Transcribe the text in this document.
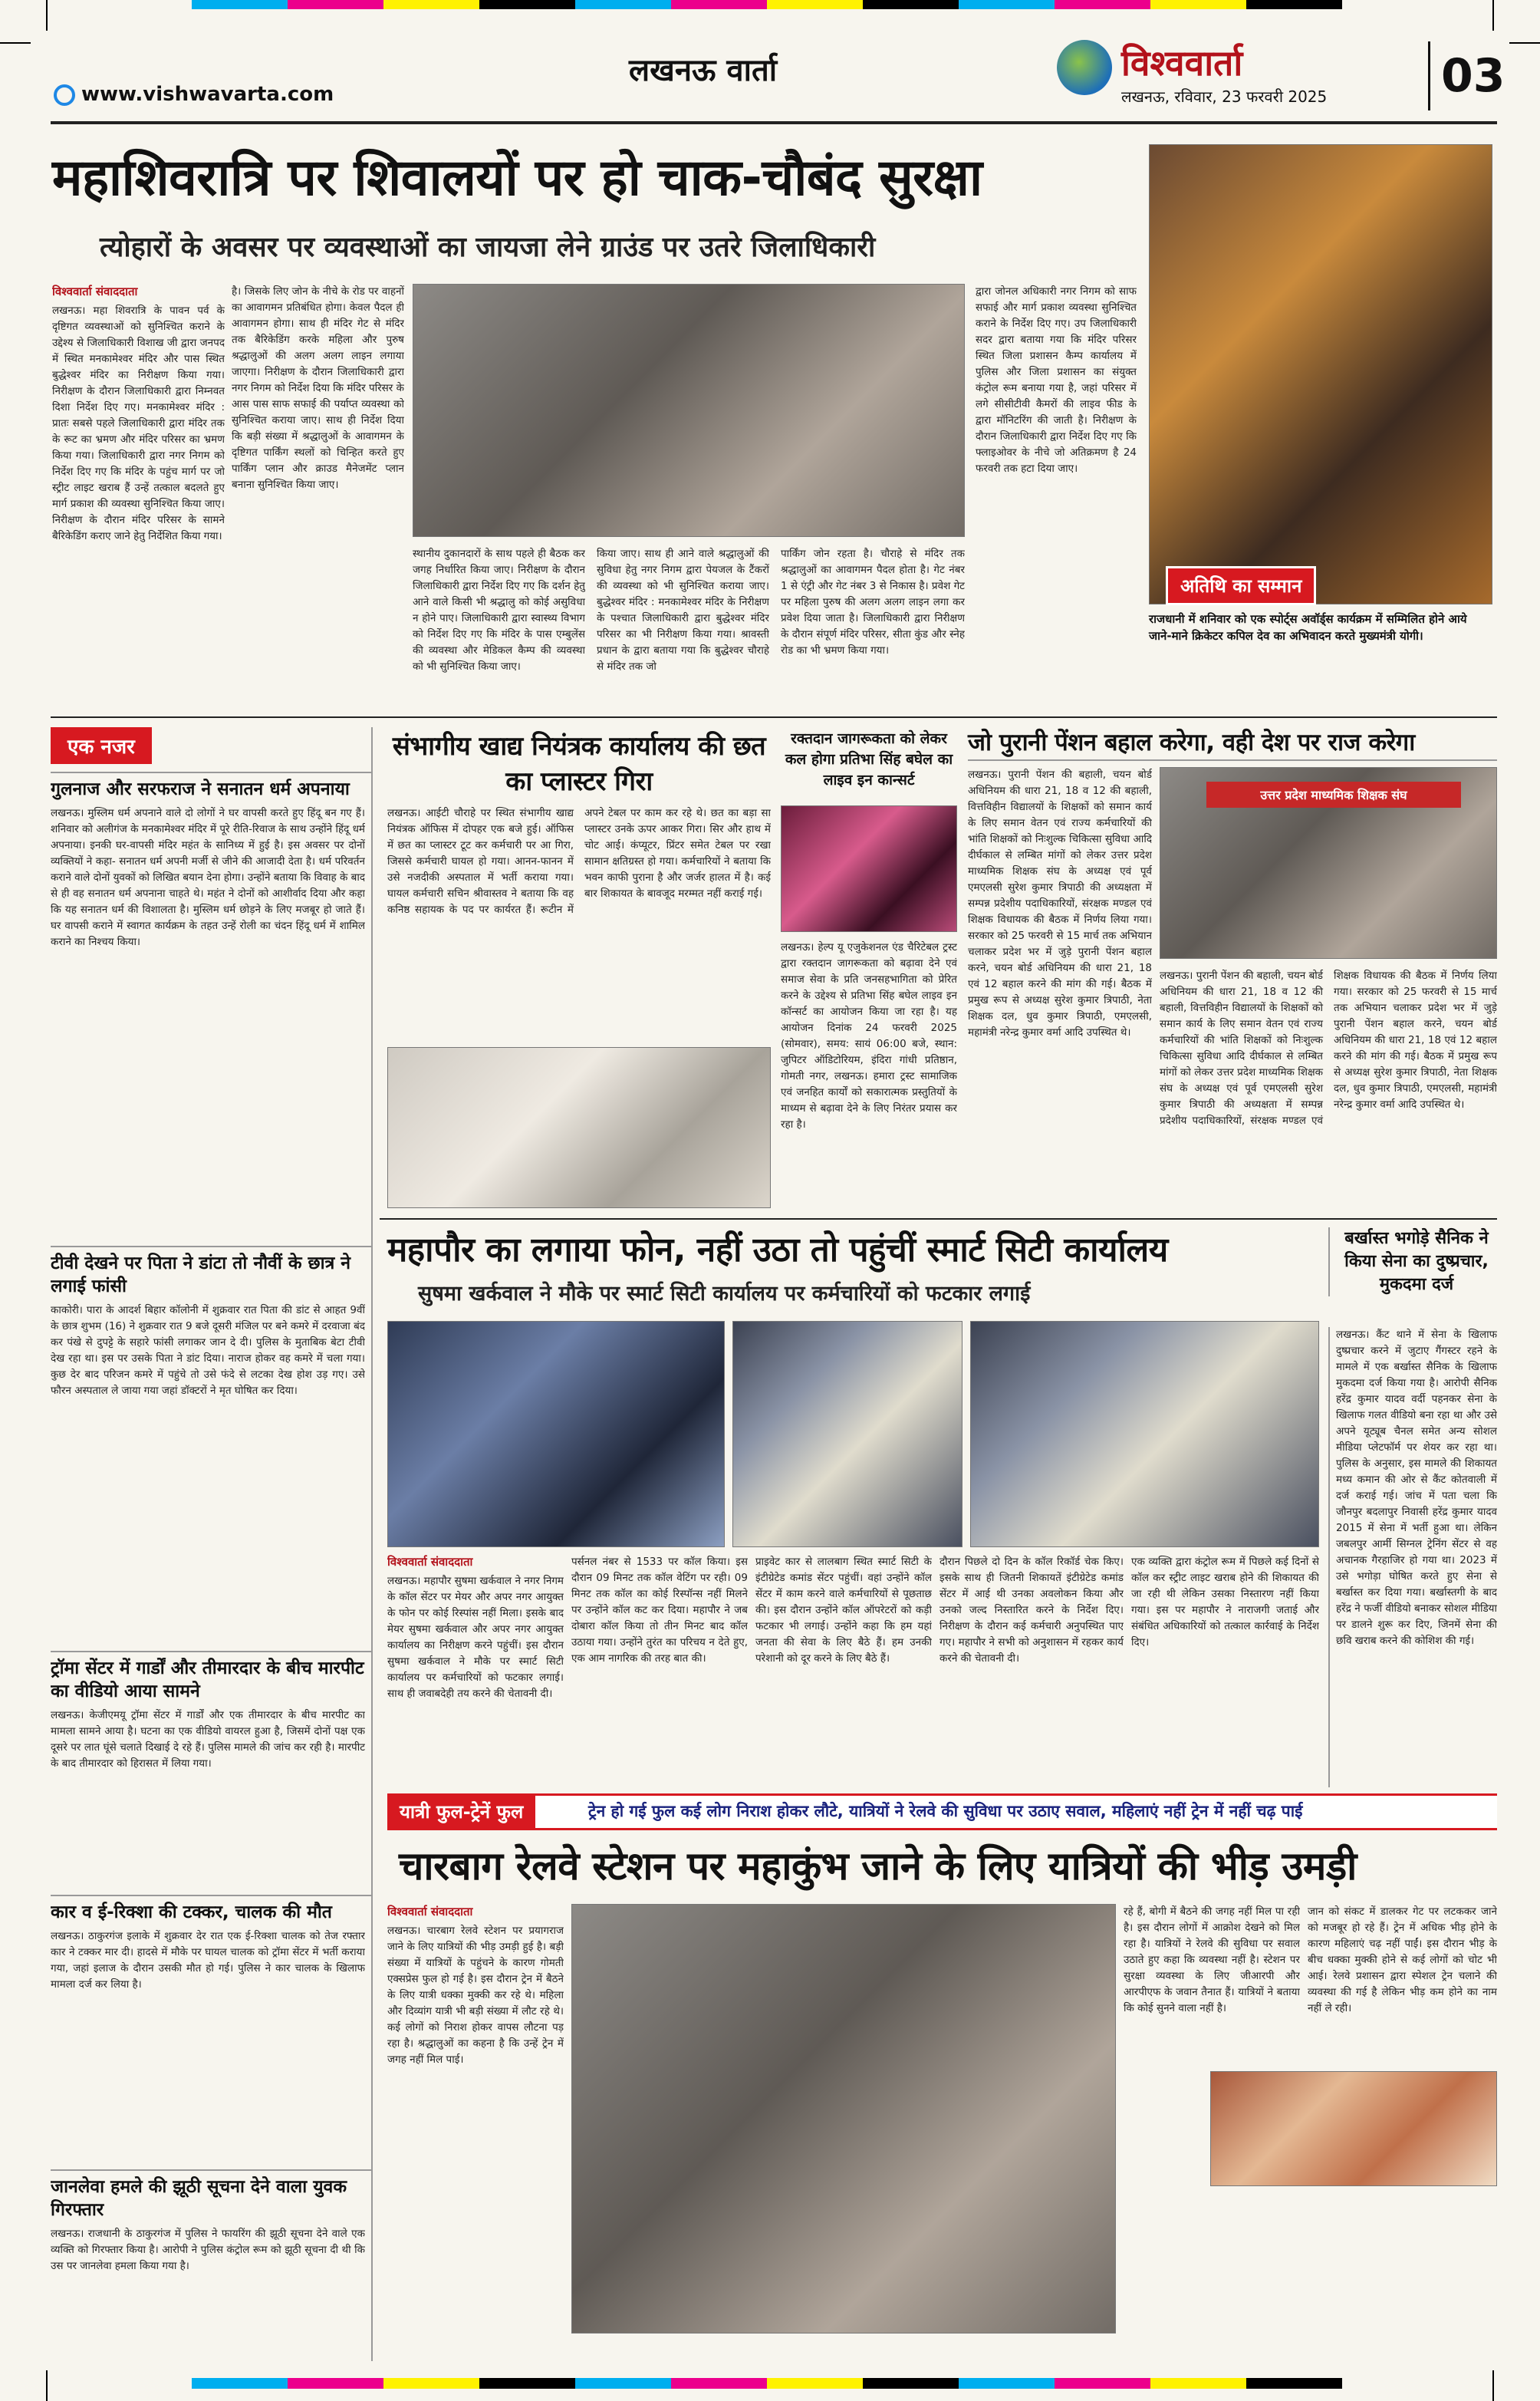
लखनऊ वार्ता
www.vishwavarta.com
विश्ववार्ता
लखनऊ, रविवार, 23 फरवरी 2025 03
महाशिवरात्रि पर शिवालयों पर हो चाक-चौबंद सुरक्षा
त्योहारों के अवसर पर व्यवस्थाओं का जायजा लेने ग्राउंड पर उतरे जिलाधिकारी
विश्ववार्ता संवाददाता
लखनऊ। महा शिवरात्रि के पावन पर्व के दृष्टिगत व्यवस्थाओं को सुनिश्चित कराने के उद्देश्य से जिलाधिकारी विशाख जी द्वारा जनपद में स्थित मनकामेश्वर मंदिर और पास स्थित बुद्धेश्वर मंदिर का निरीक्षण किया गया। निरीक्षण के दौरान जिलाधिकारी द्वारा निम्नवत दिशा निर्देश दिए गए। मनकामेश्वर मंदिर : प्रातः सबसे पहले जिलाधिकारी द्वारा मंदिर तक के रूट का भ्रमण और मंदिर परिसर का भ्रमण किया गया। जिलाधिकारी द्वारा नगर निगम को निर्देश दिए गए कि मंदिर के पहुंच मार्ग पर जो स्ट्रीट लाइट खराब हैं उन्हें तत्काल बदलते हुए मार्ग प्रकाश की व्यवस्था सुनिश्चित किया जाए। निरीक्षण के दौरान मंदिर परिसर के सामने बैरिकेडिंग कराए जाने हेतु निर्देशित किया गया।
है। जिसके लिए जोन के नीचे के रोड पर वाहनों का आवागमन प्रतिबंधित होगा। केवल पैदल ही आवागमन होगा। साथ ही मंदिर गेट से मंदिर तक बैरिकेडिंग करके महिला और पुरुष श्रद्धालुओं की अलग अलग लाइन लगाया जाएगा। निरीक्षण के दौरान जिलाधिकारी द्वारा नगर निगम को निर्देश दिया कि मंदिर परिसर के आस पास साफ सफाई की पर्याप्त व्यवस्था को सुनिश्चित कराया जाए। साथ ही निर्देश दिया कि बड़ी संख्या में श्रद्धालुओं के आवागमन के दृष्टिगत पार्किंग स्थलों को चिन्हित करते हुए पार्किंग प्लान और क्राउड मैनेजमेंट प्लान बनाना सुनिश्चित किया जाए।
स्थानीय दुकानदारों के साथ पहले ही बैठक कर जगह निर्धारित किया जाए। निरीक्षण के दौरान जिलाधिकारी द्वारा निर्देश दिए गए कि दर्शन हेतु आने वाले किसी भी श्रद्धालु को कोई असुविधा न होने पाए। जिलाधिकारी द्वारा स्वास्थ्य विभाग को निर्देश दिए गए कि मंदिर के पास एम्बुलेंस की व्यवस्था और मेडिकल कैम्प की व्यवस्था को भी सुनिश्चित किया जाए।
किया जाए। साथ ही आने वाले श्रद्धालुओं की सुविधा हेतु नगर निगम द्वारा पेयजल के टैंकरों की व्यवस्था को भी सुनिश्चित कराया जाए। बुद्धेश्वर मंदिर : मनकामेश्वर मंदिर के निरीक्षण के पश्चात जिलाधिकारी द्वारा बुद्धेश्वर मंदिर परिसर का भी निरीक्षण किया गया। श्रावस्ती प्रधान के द्वारा बताया गया कि बुद्धेश्वर चौराहे से मंदिर तक जो
पार्किंग जोन रहता है। चौराहे से मंदिर तक श्रद्धालुओं का आवागमन पैदल होता है। गेट नंबर 1 से एंट्री और गेट नंबर 3 से निकास है। प्रवेश गेट पर महिला पुरुष की अलग अलग लाइन लगा कर प्रवेश दिया जाता है। जिलाधिकारी द्वारा निरीक्षण के दौरान संपूर्ण मंदिर परिसर, सीता कुंड और स्नेह रोड का भी भ्रमण किया गया।
द्वारा जोनल अधिकारी नगर निगम को साफ सफाई और मार्ग प्रकाश व्यवस्था सुनिश्चित कराने के निर्देश दिए गए। उप जिलाधिकारी सदर द्वारा बताया गया कि मंदिर परिसर स्थित जिला प्रशासन कैम्प कार्यालय में पुलिस और जिला प्रशासन का संयुक्त कंट्रोल रूम बनाया गया है, जहां परिसर में लगे सीसीटीवी कैमरों की लाइव फीड के द्वारा मॉनिटरिंग की जाती है। निरीक्षण के दौरान जिलाधिकारी द्वारा निर्देश दिए गए कि फ्लाइओवर के नीचे जो अतिक्रमण है 24 फरवरी तक हटा दिया जाए।
अतिथि का सम्मान
राजधानी में शनिवार को एक स्पोर्ट्स अवॉर्ड्स कार्यक्रम में सम्मिलित होने आये जाने-माने क्रिकेटर कपिल देव का अभिवादन करते मुख्यमंत्री योगी।
एक नजर
गुलनाज और सरफराज ने सनातन धर्म अपनाया
लखनऊ। मुस्लिम धर्म अपनाने वाले दो लोगों ने घर वापसी करते हुए हिंदू बन गए हैं। शनिवार को अलीगंज के मनकामेश्वर मंदिर में पूरे रीति-रिवाज के साथ उन्होंने हिंदू धर्म अपनाया। इनकी घर-वापसी मंदिर महंत के सानिध्य में हुई है। इस अवसर पर दोनों व्यक्तियों ने कहा- सनातन धर्म अपनी मर्जी से जीने की आजादी देता है। धर्म परिवर्तन कराने वाले दोनों युवकों को लिखित बयान देना होगा। उन्होंने बताया कि विवाह के बाद से ही वह सनातन धर्म अपनाना चाहते थे। महंत ने दोनों को आशीर्वाद दिया और कहा कि यह सनातन धर्म की विशालता है। मुस्लिम धर्म छोड़ने के लिए मजबूर हो जाते हैं। घर वापसी कराने में स्वागत कार्यक्रम के तहत उन्हें रोली का चंदन हिंदू धर्म में शामिल कराने का निश्चय किया।
टीवी देखने पर पिता ने डांटा तो नौवीं के छात्र ने लगाई फांसी
काकोरी। पारा के आदर्श बिहार कॉलोनी में शुक्रवार रात पिता की डांट से आहत 9वीं के छात्र शुभम (16) ने शुक्रवार रात 9 बजे दूसरी मंजिल पर बने कमरे में दरवाजा बंद कर पंखे से दुपट्टे के सहारे फांसी लगाकर जान दे दी। पुलिस के मुताबिक बेटा टीवी देख रहा था। इस पर उसके पिता ने डांट दिया। नाराज होकर वह कमरे में चला गया। कुछ देर बाद परिजन कमरे में पहुंचे तो उसे फंदे से लटका देख होश उड़ गए। उसे फौरन अस्पताल ले जाया गया जहां डॉक्टरों ने मृत घोषित कर दिया।
ट्रॉमा सेंटर में गार्डों और तीमारदार के बीच मारपीट का वीडियो आया सामने
लखनऊ। केजीएमयू ट्रॉमा सेंटर में गार्डों और एक तीमारदार के बीच मारपीट का मामला सामने आया है। घटना का एक वीडियो वायरल हुआ है, जिसमें दोनों पक्ष एक दूसरे पर लात घूंसे चलाते दिखाई दे रहे हैं। पुलिस मामले की जांच कर रही है। मारपीट के बाद तीमारदार को हिरासत में लिया गया।
कार व ई-रिक्शा की टक्कर, चालक की मौत
लखनऊ। ठाकुरगंज इलाके में शुक्रवार देर रात एक ई-रिक्शा चालक को तेज रफ्तार कार ने टक्कर मार दी। हादसे में मौके पर घायल चालक को ट्रॉमा सेंटर में भर्ती कराया गया, जहां इलाज के दौरान उसकी मौत हो गई। पुलिस ने कार चालक के खिलाफ मामला दर्ज कर लिया है।
जानलेवा हमले की झूठी सूचना देने वाला युवक गिरफ्तार
लखनऊ। राजधानी के ठाकुरगंज में पुलिस ने फायरिंग की झूठी सूचना देने वाले एक व्यक्ति को गिरफ्तार किया है। आरोपी ने पुलिस कंट्रोल रूम को झूठी सूचना दी थी कि उस पर जानलेवा हमला किया गया है।
संभागीय खाद्य नियंत्रक कार्यालय की छत का प्लास्टर गिरा
लखनऊ। आईटी चौराहे पर स्थित संभागीय खाद्य नियंत्रक ऑफिस में दोपहर एक बजे हुई। ऑफिस में छत का प्लास्टर टूट कर कर्मचारी पर आ गिरा, जिससे कर्मचारी घायल हो गया। आनन-फानन में उसे नजदीकी अस्पताल में भर्ती कराया गया। घायल कर्मचारी सचिन श्रीवास्तव ने बताया कि वह कनिष्ठ सहायक के पद पर कार्यरत हैं। रूटीन में अपने टेबल पर काम कर रहे थे। छत का बड़ा सा प्लास्टर उनके ऊपर आकर गिरा। सिर और हाथ में चोट आई। कंप्यूटर, प्रिंटर समेत टेबल पर रखा सामान क्षतिग्रस्त हो गया। कर्मचारियों ने बताया कि भवन काफी पुराना है और जर्जर हालत में है। कई बार शिकायत के बावजूद मरम्मत नहीं कराई गई।
रक्तदान जागरूकता को लेकर कल होगा प्रतिभा सिंह बघेल का लाइव इन कान्सर्ट
लखनऊ। हेल्प यू एजुकेशनल एंड चैरिटेबल ट्रस्ट द्वारा रक्तदान जागरूकता को बढ़ावा देने एवं समाज सेवा के प्रति जनसहभागिता को प्रेरित करने के उद्देश्य से प्रतिभा सिंह बघेल लाइव इन कॉन्सर्ट का आयोजन किया जा रहा है। यह आयोजन दिनांक 24 फरवरी 2025 (सोमवार), समय: सायं 06:00 बजे, स्थान: जुपिटर ऑडिटोरियम, इंदिरा गांधी प्रतिष्ठान, गोमती नगर, लखनऊ। हमारा ट्रस्ट सामाजिक एवं जनहित कार्यों को सकारात्मक प्रस्तुतियों के माध्यम से बढ़ावा देने के लिए निरंतर प्रयास कर रहा है।
जो पुरानी पेंशन बहाल करेगा, वही देश पर राज करेगा
लखनऊ। पुरानी पेंशन की बहाली, चयन बोर्ड अधिनियम की धारा 21, 18 व 12 की बहाली, वित्तविहीन विद्यालयों के शिक्षकों को समान कार्य के लिए समान वेतन एवं राज्य कर्मचारियों की भांति शिक्षकों को निःशुल्क चिकित्सा सुविधा आदि दीर्घकाल से लम्बित मांगों को लेकर उत्तर प्रदेश माध्यमिक शिक्षक संघ के अध्यक्ष एवं पूर्व एमएलसी सुरेश कुमार त्रिपाठी की अध्यक्षता में सम्पन्न प्रदेशीय पदाधिकारियों, संरक्षक मण्डल एवं शिक्षक विधायक की बैठक में निर्णय लिया गया। सरकार को 25 फरवरी से 15 मार्च तक अभियान चलाकर प्रदेश भर में जुड़े पुरानी पेंशन बहाल करने, चयन बोर्ड अधिनियम की धारा 21, 18 एवं 12 बहाल करने की मांग की गई। बैठक में प्रमुख रूप से अध्यक्ष सुरेश कुमार त्रिपाठी, नेता शिक्षक दल, धुव कुमार त्रिपाठी, एमएलसी, महामंत्री नरेन्द्र कुमार वर्मा आदि उपस्थित थे।
उत्तर प्रदेश माध्यमिक शिक्षक संघ
लखनऊ। पुरानी पेंशन की बहाली, चयन बोर्ड अधिनियम की धारा 21, 18 व 12 की बहाली, वित्तविहीन विद्यालयों के शिक्षकों को समान कार्य के लिए समान वेतन एवं राज्य कर्मचारियों की भांति शिक्षकों को निःशुल्क चिकित्सा सुविधा आदि दीर्घकाल से लम्बित मांगों को लेकर उत्तर प्रदेश माध्यमिक शिक्षक संघ के अध्यक्ष एवं पूर्व एमएलसी सुरेश कुमार त्रिपाठी की अध्यक्षता में सम्पन्न प्रदेशीय पदाधिकारियों, संरक्षक मण्डल एवं शिक्षक विधायक की बैठक में निर्णय लिया गया। सरकार को 25 फरवरी से 15 मार्च तक अभियान चलाकर प्रदेश भर में जुड़े पुरानी पेंशन बहाल करने, चयन बोर्ड अधिनियम की धारा 21, 18 एवं 12 बहाल करने की मांग की गई। बैठक में प्रमुख रूप से अध्यक्ष सुरेश कुमार त्रिपाठी, नेता शिक्षक दल, धुव कुमार त्रिपाठी, एमएलसी, महामंत्री नरेन्द्र कुमार वर्मा आदि उपस्थित थे।
महापौर का लगाया फोन, नहीं उठा तो पहुंचीं स्मार्ट सिटी कार्यालय
सुषमा खर्कवाल ने मौके पर स्मार्ट सिटी कार्यालय पर कर्मचारियों को फटकार लगाई
विश्ववार्ता संवाददाता
लखनऊ। महापौर सुषमा खर्कवाल ने नगर निगम के कॉल सेंटर पर मेयर और अपर नगर आयुक्त के फोन पर कोई रिस्पांस नहीं मिला। इसके बाद मेयर सुषमा खर्कवाल और अपर नगर आयुक्त कार्यालय का निरीक्षण करने पहुंचीं। इस दौरान सुषमा खर्कवाल ने मौके पर स्मार्ट सिटी कार्यालय पर कर्मचारियों को फटकार लगाई। साथ ही जवाबदेही तय करने की चेतावनी दी।
पर्सनल नंबर से 1533 पर कॉल किया। इस दौरान 09 मिनट तक कॉल वेटिंग पर रही। 09 मिनट तक कॉल का कोई रिस्पॉन्स नहीं मिलने पर उन्होंने कॉल कट कर दिया। महापौर ने जब दोबारा कॉल किया तो तीन मिनट बाद कॉल उठाया गया। उन्होंने तुरंत का परिचय न देते हुए, एक आम नागरिक की तरह बात की।
प्राइवेट कार से लालबाग स्थित स्मार्ट सिटी के इंटीग्रेटेड कमांड सेंटर पहुंचीं। वहां उन्होंने कॉल सेंटर में काम करने वाले कर्मचारियों से पूछताछ की। इस दौरान उन्होंने कॉल ऑपरेटरों को कड़ी फटकार भी लगाई। उन्होंने कहा कि हम यहां जनता की सेवा के लिए बैठे हैं। हम उनकी परेशानी को दूर करने के लिए बैठे हैं।
दौरान पिछले दो दिन के कॉल रिकॉर्ड चेक किए। इसके साथ ही जितनी शिकायतें इंटीग्रेटेड कमांड सेंटर में आई थी उनका अवलोकन किया और उनको जल्द निस्तारित करने के निर्देश दिए। निरीक्षण के दौरान कई कर्मचारी अनुपस्थित पाए गए। महापौर ने सभी को अनुशासन में रहकर कार्य करने की चेतावनी दी।
एक व्यक्ति द्वारा कंट्रोल रूम में पिछले कई दिनों से कॉल कर स्ट्रीट लाइट खराब होने की शिकायत की जा रही थी लेकिन उसका निस्तारण नहीं किया गया। इस पर महापौर ने नाराजगी जताई और संबंधित अधिकारियों को तत्काल कार्रवाई के निर्देश दिए।
बर्खास्त भगोड़े सैनिक ने किया सेना का दुष्प्रचार, मुकदमा दर्ज
लखनऊ। कैंट थाने में सेना के खिलाफ दुष्प्रचार करने में जुटाए गैंगस्टर रहने के मामले में एक बर्खास्त सैनिक के खिलाफ मुकदमा दर्ज किया गया है। आरोपी सैनिक हरेंद्र कुमार यादव वर्दी पहनकर सेना के खिलाफ गलत वीडियो बना रहा था और उसे अपने यूट्यूब चैनल समेत अन्य सोशल मीडिया प्लेटफॉर्म पर शेयर कर रहा था। पुलिस के अनुसार, इस मामले की शिकायत मध्य कमान की ओर से कैंट कोतवाली में दर्ज कराई गई। जांच में पता चला कि जौनपुर बदलापुर निवासी हरेंद्र कुमार यादव 2015 में सेना में भर्ती हुआ था। लेकिन जबलपुर आर्मी सिग्नल ट्रेनिंग सेंटर से वह अचानक गैरहाजिर हो गया था। 2023 में उसे भगोड़ा घोषित करते हुए सेना से बर्खास्त कर दिया गया। बर्खास्तगी के बाद हरेंद्र ने फर्जी वीडियो बनाकर सोशल मीडिया पर डालने शुरू कर दिए, जिनमें सेना की छवि खराब करने की कोशिश की गई।
यात्री फुल-ट्रेनें फुल	ट्रेन हो गई फुल कई लोग निराश होकर लौटे, यात्रियों ने रेलवे की सुविधा पर उठाए सवाल, महिलाएं नहीं ट्रेन में नहीं चढ़ पाई
चारबाग रेलवे स्टेशन पर महाकुंभ जाने के लिए यात्रियों की भीड़ उमड़ी
विश्ववार्ता संवाददाता
लखनऊ। चारबाग रेलवे स्टेशन पर प्रयागराज जाने के लिए यात्रियों की भीड़ उमड़ी हुई है। बड़ी संख्या में यात्रियों के पहुंचने के कारण गोमती एक्सप्रेस फुल हो गई है। इस दौरान ट्रेन में बैठने के लिए यात्री धक्का मुक्की कर रहे थे। महिला और दिव्यांग यात्री भी बड़ी संख्या में लौट रहे थे। कई लोगों को निराश होकर वापस लौटना पड़ रहा है। श्रद्धालुओं का कहना है कि उन्हें ट्रेन में जगह नहीं मिल पाई।
रहे हैं, बोगी में बैठने की जगह नहीं मिल पा रही है। इस दौरान लोगों में आक्रोश देखने को मिल रहा है। यात्रियों ने रेलवे की सुविधा पर सवाल उठाते हुए कहा कि व्यवस्था नहीं है। स्टेशन पर सुरक्षा व्यवस्था के लिए जीआरपी और आरपीएफ के जवान तैनात हैं। यात्रियों ने बताया कि कोई सुनने वाला नहीं है।
जान को संकट में डालकर गेट पर लटककर जाने को मजबूर हो रहे हैं। ट्रेन में अधिक भीड़ होने के कारण महिलाएं चढ़ नहीं पाईं। इस दौरान भीड़ के बीच धक्का मुक्की होने से कई लोगों को चोट भी आई। रेलवे प्रशासन द्वारा स्पेशल ट्रेन चलाने की व्यवस्था की गई है लेकिन भीड़ कम होने का नाम नहीं ले रही।
